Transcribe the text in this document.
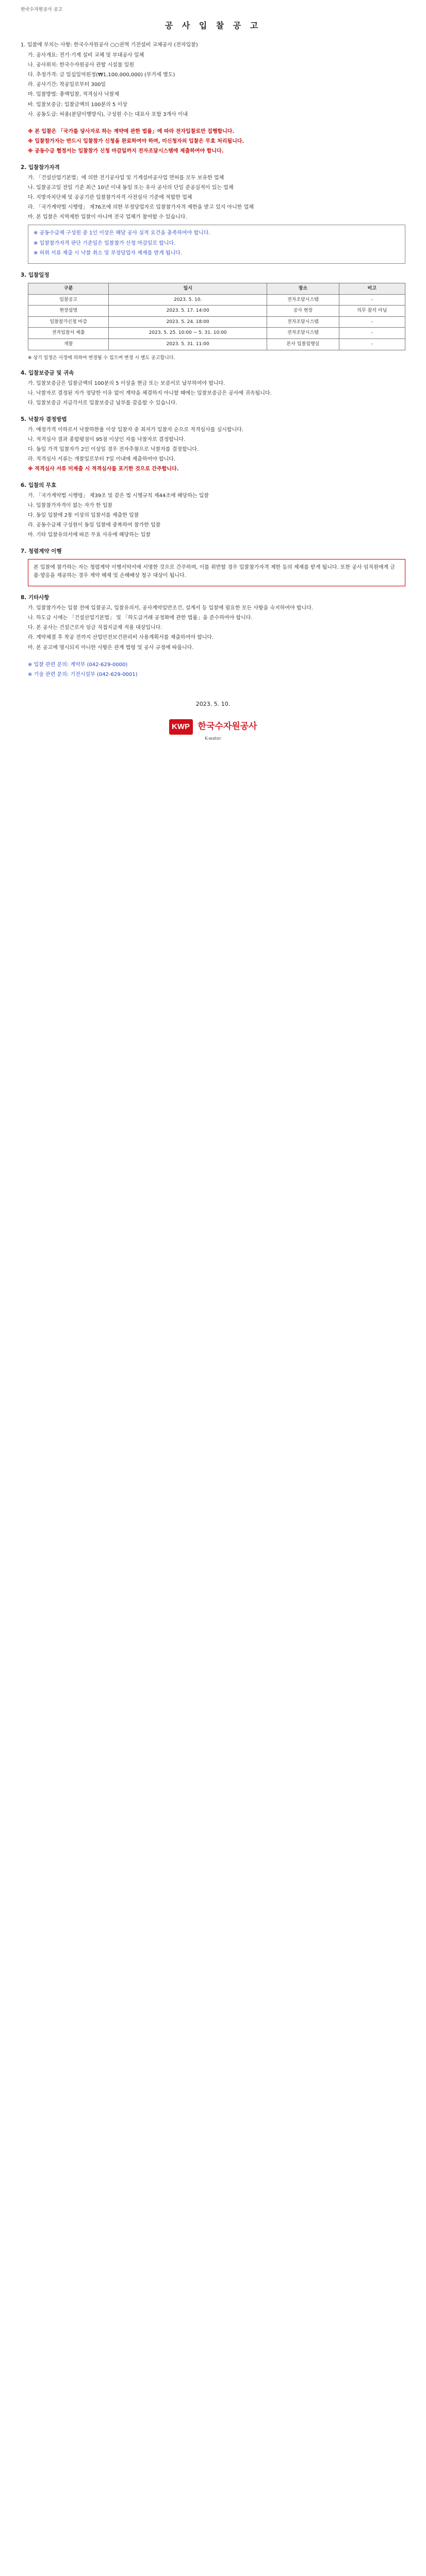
한국수자원공사 공고
공 사 입 찰 공 고

1. 입찰에 부치는 사항: 한국수자원공사 ○○권역 기전설비 교체공사 (전자입찰)

가. 공사개요: 전기·기계 설비 교체 및 부대공사 일체

나. 공사위치: 한국수자원공사 관할 시설물 일원

다. 추정가격: 금 일십일억원정(₩1,100,000,000) (부가세 별도)

라. 공사기간: 착공일로부터 300일

마. 입찰방법: 총액입찰, 적격심사 낙찰제

바. 입찰보증금: 입찰금액의 100분의 5 이상

사. 공동도급: 허용(분담이행방식), 구성원 수는 대표사 포함 3개사 이내

※ 본 입찰은 「국가를 당사자로 하는 계약에 관한 법률」에 따라 전자입찰로만 집행합니다.

※ 입찰참가자는 반드시 입찰참가 신청을 완료하여야 하며, 미신청자의 입찰은 무효 처리됩니다.

※ 공동수급 협정서는 입찰참가 신청 마감일까지 전자조달시스템에 제출하여야 합니다.

2. 입찰참가자격

가. 「건설산업기본법」에 의한 전기공사업 및 기계설비공사업 면허를 모두 보유한 업체

나. 입찰공고일 전일 기준 최근 10년 이내 동일 또는 유사 공사의 단일 준공실적이 있는 업체

다. 지방자치단체 및 공공기관 입찰참가자격 사전심사 기준에 적합한 업체

라. 「국가계약법 시행령」 제76조에 의한 부정당업자로 입찰참가자격 제한을 받고 있지 아니한 업체

마. 본 입찰은 지역제한 입찰이 아니며 전국 업체가 참여할 수 있습니다.

※ 공동수급체 구성원 중 1인 이상은 해당 공사 실적 요건을 충족하여야 합니다.

※ 입찰참가자격 판단 기준일은 입찰참가 신청 마감일로 합니다.

※ 허위 서류 제출 시 낙찰 취소 및 부정당업자 제재를 받게 됩니다.

3. 입찰일정
구분	일시	장소	비고
입찰공고	2023. 5. 10.	전자조달시스템	-
현장설명	2023. 5. 17. 14:00	공사 현장	의무 참석 아님
입찰참가신청 마감	2023. 5. 24. 18:00	전자조달시스템	-
전자입찰서 제출	2023. 5. 25. 10:00 ~ 5. 31. 10:00	전자조달시스템	-
개찰	2023. 5. 31. 11:00	본사 입찰집행실	-

※ 상기 일정은 사정에 의하여 변경될 수 있으며 변경 시 별도 공고합니다.

4. 입찰보증금 및 귀속

가. 입찰보증금은 입찰금액의 100분의 5 이상을 현금 또는 보증서로 납부하여야 합니다.

나. 낙찰자로 결정된 자가 정당한 이유 없이 계약을 체결하지 아니할 때에는 입찰보증금은 공사에 귀속됩니다.

다. 입찰보증금 지급각서로 입찰보증금 납부를 갈음할 수 있습니다.

5. 낙찰자 결정방법

가. 예정가격 이하로서 낙찰하한율 이상 입찰자 중 최저가 입찰자 순으로 적격심사를 실시합니다.

나. 적격심사 결과 종합평점이 95점 이상인 자를 낙찰자로 결정합니다.

다. 동일 가격 입찰자가 2인 이상일 경우 전자추첨으로 낙찰자를 결정합니다.

라. 적격심사 서류는 개찰일로부터 7일 이내에 제출하여야 합니다.

※ 적격심사 서류 미제출 시 적격심사를 포기한 것으로 간주합니다.

6. 입찰의 무효

가. 「국가계약법 시행령」 제39조 및 같은 법 시행규칙 제44조에 해당하는 입찰

나. 입찰참가자격이 없는 자가 한 입찰

다. 동일 입찰에 2통 이상의 입찰서를 제출한 입찰

라. 공동수급체 구성원이 동일 입찰에 중복하여 참가한 입찰

마. 기타 입찰유의서에 따른 무효 사유에 해당하는 입찰

7. 청렴계약 이행

본 입찰에 참가하는 자는 청렴계약 이행서약서에 서명한 것으로 간주하며, 이를 위반할 경우 입찰참가자격 제한 등의 제재를 받게 됩니다. 또한 공사 임직원에게 금품·향응을 제공하는 경우 계약 해제 및 손해배상 청구 대상이 됩니다.

8. 기타사항

가. 입찰참가자는 입찰 전에 입찰공고, 입찰유의서, 공사계약일반조건, 설계서 등 입찰에 필요한 모든 사항을 숙지하여야 합니다.

나. 하도급 시에는 「건설산업기본법」 및 「하도급거래 공정화에 관한 법률」을 준수하여야 합니다.

다. 본 공사는 건설근로자 임금 직접지급제 적용 대상입니다.

라. 계약체결 후 착공 전까지 산업안전보건관리비 사용계획서를 제출하여야 합니다.

마. 본 공고에 명시되지 아니한 사항은 관계 법령 및 공사 규정에 따릅니다.

※ 입찰 관련 문의: 계약부 (042-629-0000)

※ 기술 관련 문의: 기전시설부 (042-629-0001)

2023. 5. 10.
KWP 한국수자원공사
K-water
